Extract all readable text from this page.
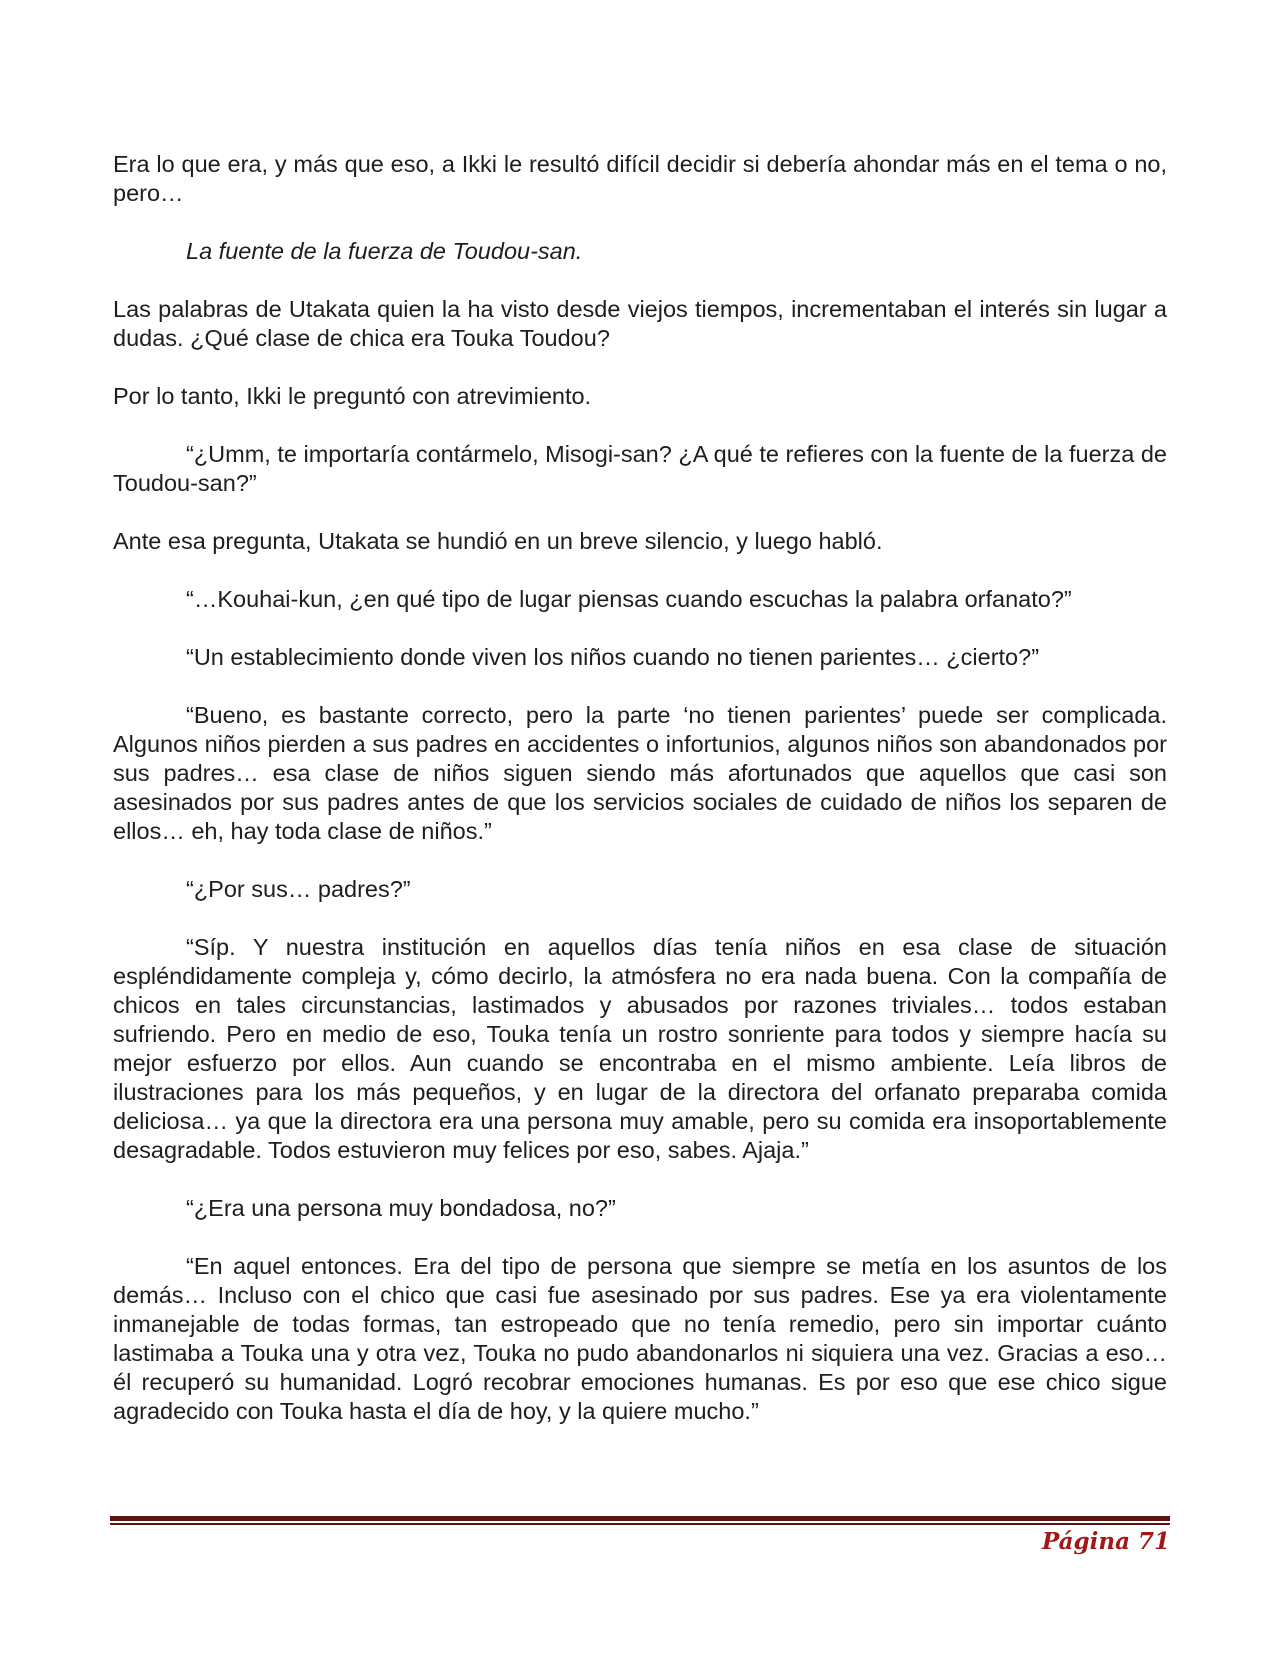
Era lo que era, y más que eso, a Ikki le resultó difícil decidir si debería ahondar más en el tema o no, pero…

La fuente de la fuerza de Toudou-san.

Las palabras de Utakata quien la ha visto desde viejos tiempos, incrementaban el interés sin lugar a dudas. ¿Qué clase de chica era Touka Toudou?

Por lo tanto, Ikki le preguntó con atrevimiento.

“¿Umm, te importaría contármelo, Misogi-san? ¿A qué te refieres con la fuente de la fuerza de Toudou-san?”

Ante esa pregunta, Utakata se hundió en un breve silencio, y luego habló.

“…Kouhai-kun, ¿en qué tipo de lugar piensas cuando escuchas la palabra orfanato?”

“Un establecimiento donde viven los niños cuando no tienen parientes… ¿cierto?”

“Bueno, es bastante correcto, pero la parte ‘no tienen parientes’ puede ser complicada. Algunos niños pierden a sus padres en accidentes o infortunios, algunos niños son abandonados por sus padres… esa clase de niños siguen siendo más afortunados que aquellos que casi son asesinados por sus padres antes de que los servicios sociales de cuidado de niños los separen de ellos… eh, hay toda clase de niños.”

“¿Por sus… padres?”

“Síp. Y nuestra institución en aquellos días tenía niños en esa clase de situación espléndidamente compleja y, cómo decirlo, la atmósfera no era nada buena. Con la compañía de chicos en tales circunstancias, lastimados y abusados por razones triviales… todos estaban sufriendo. Pero en medio de eso, Touka tenía un rostro sonriente para todos y siempre hacía su mejor esfuerzo por ellos. Aun cuando se encontraba en el mismo ambiente. Leía libros de ilustraciones para los más pequeños, y en lugar de la directora del orfanato preparaba comida deliciosa… ya que la directora era una persona muy amable, pero su comida era insoportablemente desagradable. Todos estuvieron muy felices por eso, sabes. Ajaja.”

“¿Era una persona muy bondadosa, no?”

“En aquel entonces. Era del tipo de persona que siempre se metía en los asuntos de los demás… Incluso con el chico que casi fue asesinado por sus padres. Ese ya era violentamente inmanejable de todas formas, tan estropeado que no tenía remedio, pero sin importar cuánto lastimaba a Touka una y otra vez, Touka no pudo abandonarlos ni siquiera una vez. Gracias a eso… él recuperó su humanidad. Logró recobrar emociones humanas. Es por eso que ese chico sigue agradecido con Touka hasta el día de hoy, y la quiere mucho.”

Página 71
